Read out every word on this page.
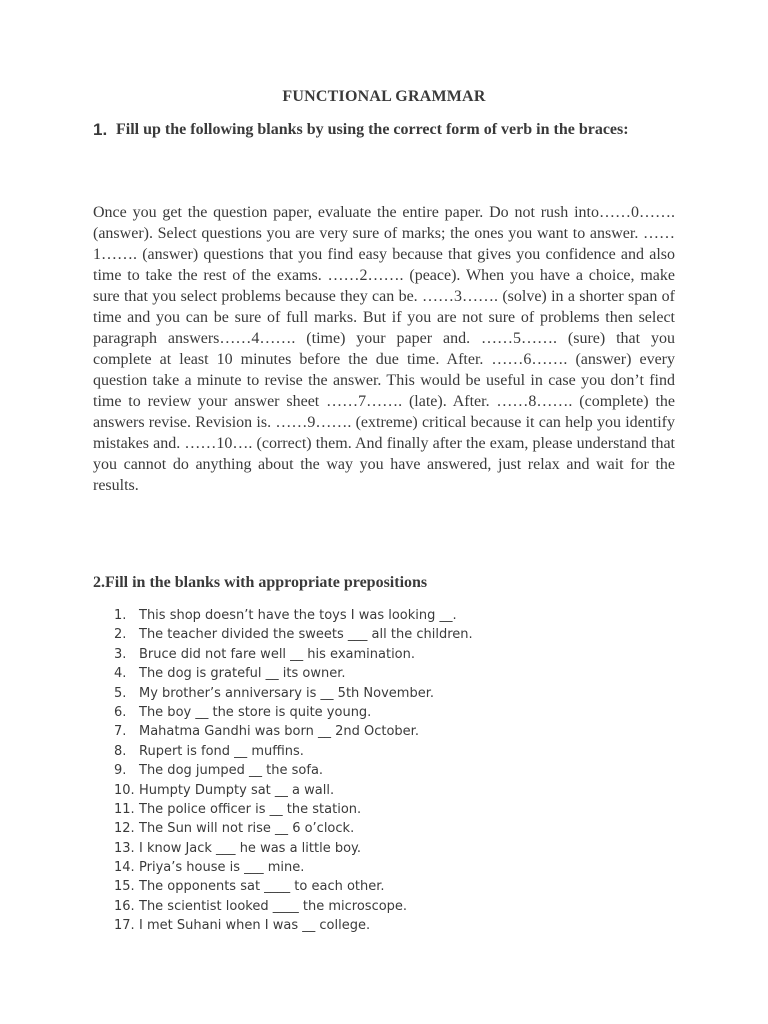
FUNCTIONAL GRAMMAR
1. Fill up the following blanks by using the correct form of verb in the braces:

Once you get the question paper, evaluate the entire paper. Do not rush into……0……. (answer). Select questions you are very sure of marks; the ones you want to answer. ……1……. (answer) questions that you find easy because that gives you confidence and also time to take the rest of the exams. ……2……. (peace). When you have a choice, make sure that you select problems because they can be. ……3……. (solve) in a shorter span of time and you can be sure of full marks. But if you are not sure of problems then select paragraph answers……4……. (time) your paper and. ……5……. (sure) that you complete at least 10 minutes before the due time. After. ……6……. (answer) every question take a minute to revise the answer. This would be useful in case you don’t find time to review your answer sheet ……7……. (late). After. ……8……. (complete) the answers revise. Revision is. ……9……. (extreme) critical because it can help you identify mistakes and. ……10…. (correct) them. And finally after the exam, please understand that you cannot do anything about the way you have answered, just relax and wait for the results.

2.Fill in the blanks with appropriate prepositions
1. This shop doesn’t have the toys I was looking __.
2. The teacher divided the sweets ___ all the children.
3. Bruce did not fare well __ his examination.
4. The dog is grateful __ its owner.
5. My brother’s anniversary is __ 5th November.
6. The boy __ the store is quite young.
7. Mahatma Gandhi was born __ 2nd October.
8. Rupert is fond __ muffins.
9. The dog jumped __ the sofa.
10. Humpty Dumpty sat __ a wall.
11. The police officer is __ the station.
12. The Sun will not rise __ 6 o’clock.
13. I know Jack ___ he was a little boy.
14. Priya’s house is ___ mine.
15. The opponents sat ____ to each other.
16. The scientist looked ____ the microscope.
17. I met Suhani when I was __ college.
